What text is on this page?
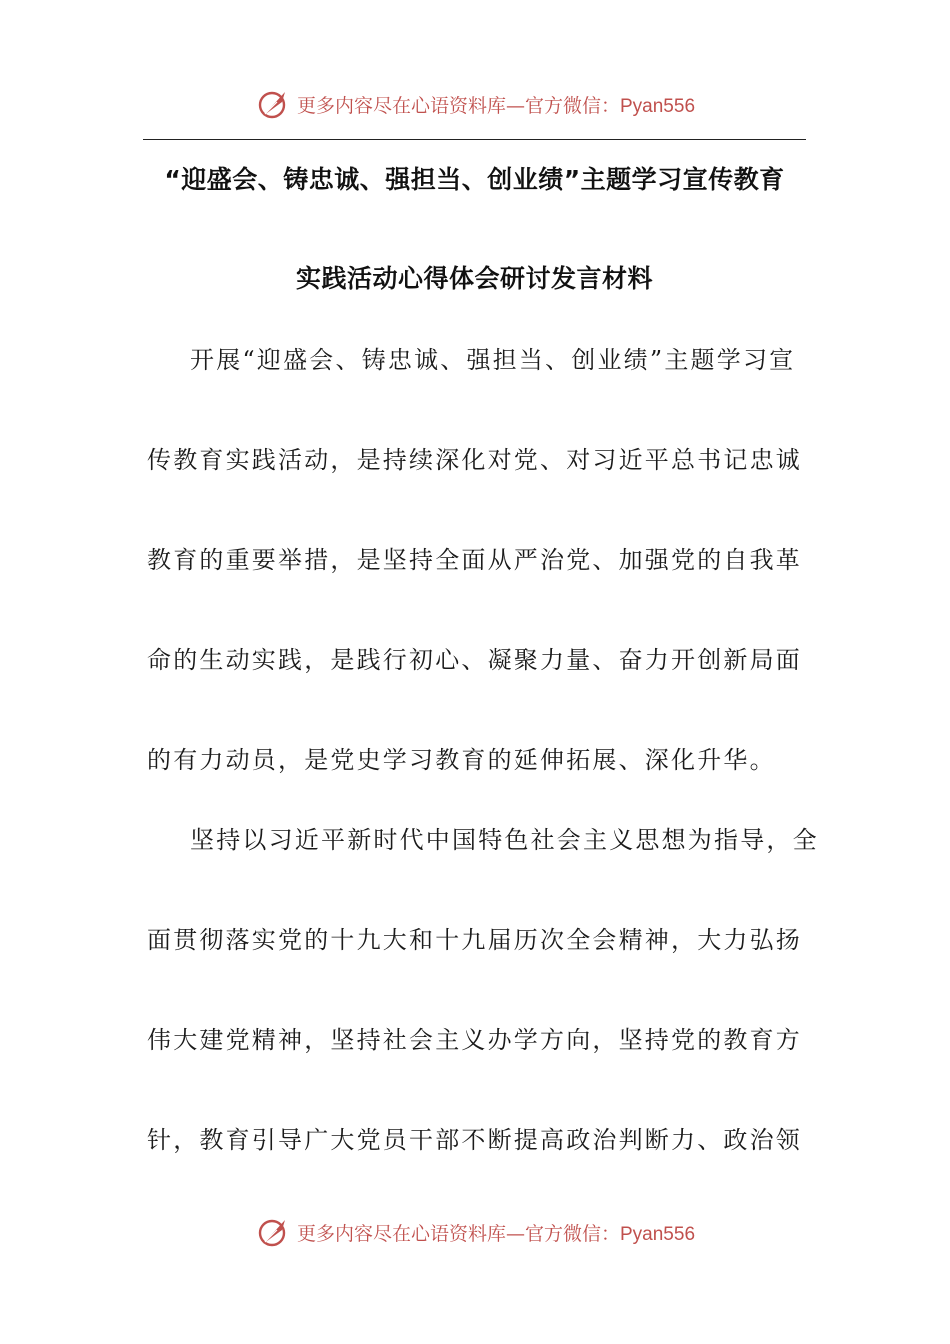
更多内容尽在心语资料库—官方微信：Pyan556
“迎盛会、铸忠诚、强担当、创业绩”主题学习宣传教育
实践活动心得体会研讨发言材料
开展“迎盛会、铸忠诚、强担当、创业绩”主题学习宣
传教育实践活动，是持续深化对党、对习近平总书记忠诚
教育的重要举措，是坚持全面从严治党、加强党的自我革
命的生动实践，是践行初心、凝聚力量、奋力开创新局面
的有力动员，是党史学习教育的延伸拓展、深化升华。
坚持以习近平新时代中国特色社会主义思想为指导，全
面贯彻落实党的十九大和十九届历次全会精神，大力弘扬
伟大建党精神，坚持社会主义办学方向，坚持党的教育方
针，教育引导广大党员干部不断提高政治判断力、政治领
更多内容尽在心语资料库—官方微信：Pyan556
